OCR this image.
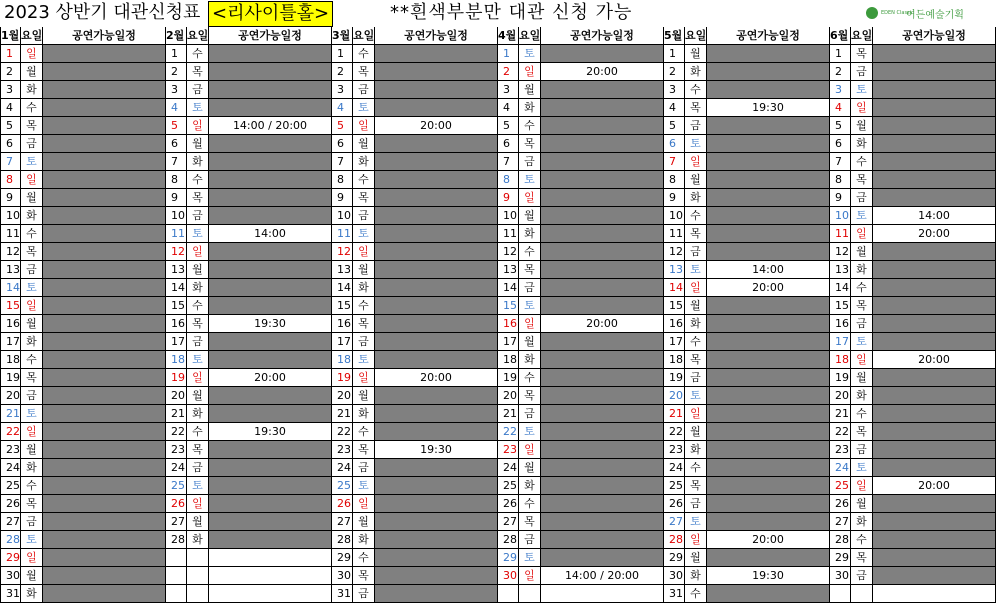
2023 상반기 대관신청표 <리사이틀홀>	**흰색부분만 대관 신청 가능	EDEN Classic
이든예술기획
1월 요일	공연가능일정
1	일
2	월
3	화
4	수
5	목
6	금
7	토
8	일
9	월
10 화
11 수
12 목
13 금
14 토
15 일
16 월
17 화
18 수
19 목
20 금
21 토
22 일
23 월
24 화
25 수
26 목
27 금
28 토
29 일
30 월
31 화
2월 요일	공연가능일정
1	수
2	목
3	금
4	토
5	일	14:00 / 20:00
6	월
7	화
8	수
9	목
10 금
11 토	14:00
12 일
13 월
14 화
15 수
16 목	19:30
17 금
18 토
19 일	20:00
20 월
21 화
22 수	19:30
23 목
24 금
25 토
26 일
27 월
28 화
3월 요일	공연가능일정
1	수
2	목
3	금
4	토
5	일	20:00
6	월
7	화
8	수
9	목
10 금
11 토
12 일
13 월
14 화
15 수
16 목
17 금
18 토
19 일	20:00
20 월
21 화
22 수
23 목	19:30
24 금
25 토
26 일
27 월
28 화
29 수
30 목
31 금
4월 요일	공연가능일정
1	토
2	일	20:00
3	월
4	화
5	수
6	목
7	금
8	토
9	일
10 월
11 화
12 수
13 목
14 금
15 토
16 일	20:00
17 월
18 화
19 수
20 목
21 금
22 토
23 일
24 월
25 화
26 수
27 목
28 금
29 토
30 일	14:00 / 20:00
5월 요일	공연가능일정
1	월
2	화
3	수
4	목	19:30
5	금
6	토
7	일
8	월
9	화
10 수
11 목
12 금
13 토	14:00
14 일	20:00
15 월
16 화
17 수
18 목
19 금
20 토
21 일
22 월
23 화
24 수
25 목
26 금
27 토
28 일	20:00
29 월
30 화	19:30
31 수
6월 요일	공연가능일정
1	목
2	금
3	토
4	일
5	월
6	화
7	수
8	목
9	금
10 토	14:00
11 일	20:00
12 월
13 화
14 수
15 목
16 금
17 토
18 일	20:00
19 월
20 화
21 수
22 목
23 금
24 토
25 일	20:00
26 월
27 화
28 수
29 목
30 금
